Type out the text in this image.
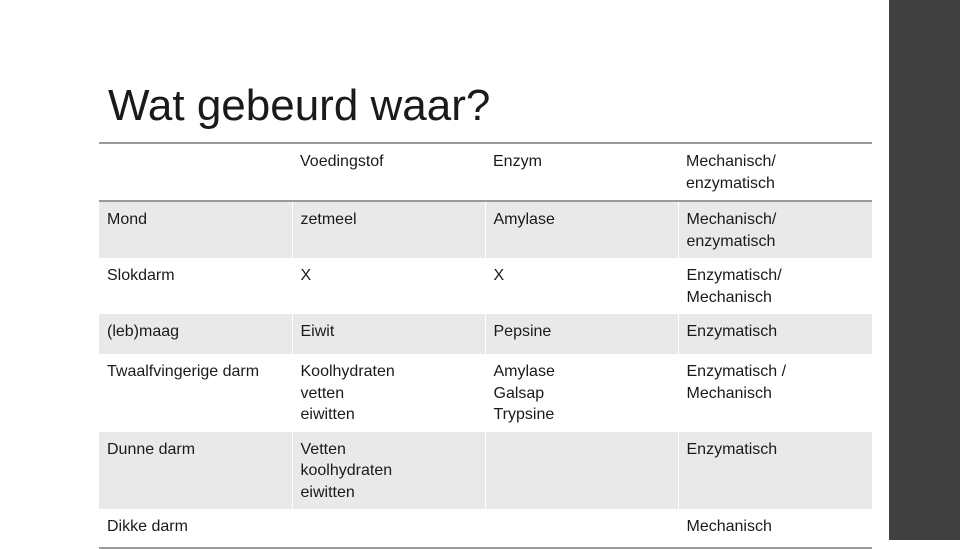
Wat gebeurd waar?
	Voedingstof	Enzym	Mechanisch/
enzymatisch
Mond	zetmeel	Amylase	Mechanisch/
enzymatisch
Slokdarm	X	X	Enzymatisch/
Mechanisch
(leb)maag	Eiwit	Pepsine	Enzymatisch
Twaalfvingerige darm	Koolhydraten
vetten
eiwitten	Amylase
Galsap
Trypsine	Enzymatisch /
Mechanisch
Dunne darm	Vetten
koolhydraten
eiwitten		Enzymatisch
Dikke darm			Mechanisch
